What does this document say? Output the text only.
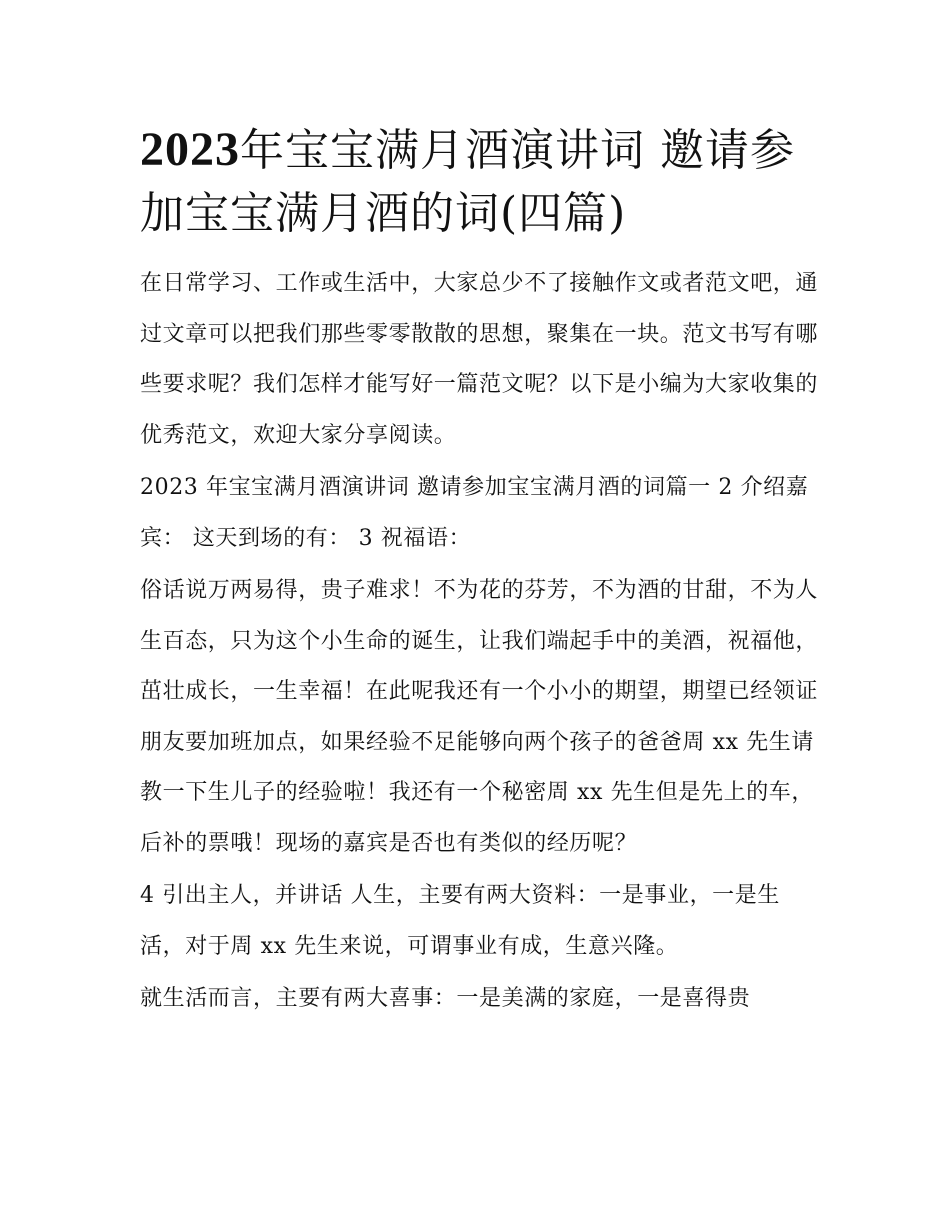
2023年宝宝满月酒演讲词 邀请参加宝宝满月酒的词(四篇)

在日常学习、工作或生活中，大家总少不了接触作文或者范文吧，通过文章可以把我们那些零零散散的思想，聚集在一块。范文书写有哪些要求呢？我们怎样才能写好一篇范文呢？以下是小编为大家收集的优秀范文，欢迎大家分享阅读。

2023 年宝宝满月酒演讲词 邀请参加宝宝满月酒的词篇一 2 介绍嘉宾： 这天到场的有： 3 祝福语：

俗话说万两易得，贵子难求！不为花的芬芳，不为酒的甘甜，不为人生百态，只为这个小生命的诞生，让我们端起手中的美酒，祝福他，茁壮成长，一生幸福！在此呢我还有一个小小的期望，期望已经领证朋友要加班加点，如果经验不足能够向两个孩子的爸爸周 xx 先生请教一下生儿子的经验啦！我还有一个秘密周 xx 先生但是先上的车，后补的票哦！现场的嘉宾是否也有类似的经历呢？

4 引出主人，并讲话 人生，主要有两大资料：一是事业，一是生活，对于周 xx 先生来说，可谓事业有成，生意兴隆。

就生活而言，主要有两大喜事：一是美满的家庭，一是喜得贵
